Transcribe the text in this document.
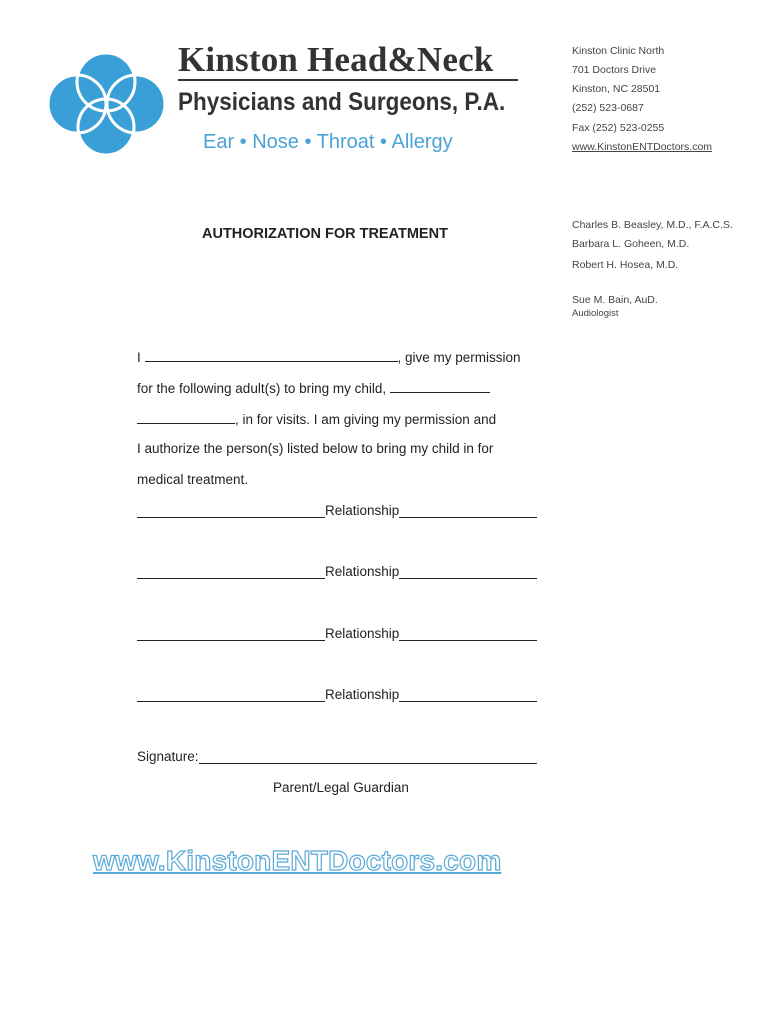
Kinston Head&Neck
Physicians and Surgeons, P.A.
Ear • Nose • Throat • Allergy
Kinston Clinic North
701 Doctors Drive
Kinston, NC 28501
(252) 523-0687
Fax (252) 523-0255
www.KinstonENTDoctors.com
Charles B. Beasley, M.D., F.A.C.S.
Barbara L. Goheen, M.D.
Robert H. Hosea, M.D.
Sue M. Bain, AuD.
Audiologist
AUTHORIZATION FOR TREATMENT
I	, give my permission
for the following adult(s) to bring my child,
, in for visits. I am giving my permission and
I authorize the person(s) listed below to bring my child in for
medical treatment.
Relationship
Relationship
Relationship
Relationship
Signature:
Parent/Legal Guardian
www.KinstonENTDoctors.com
